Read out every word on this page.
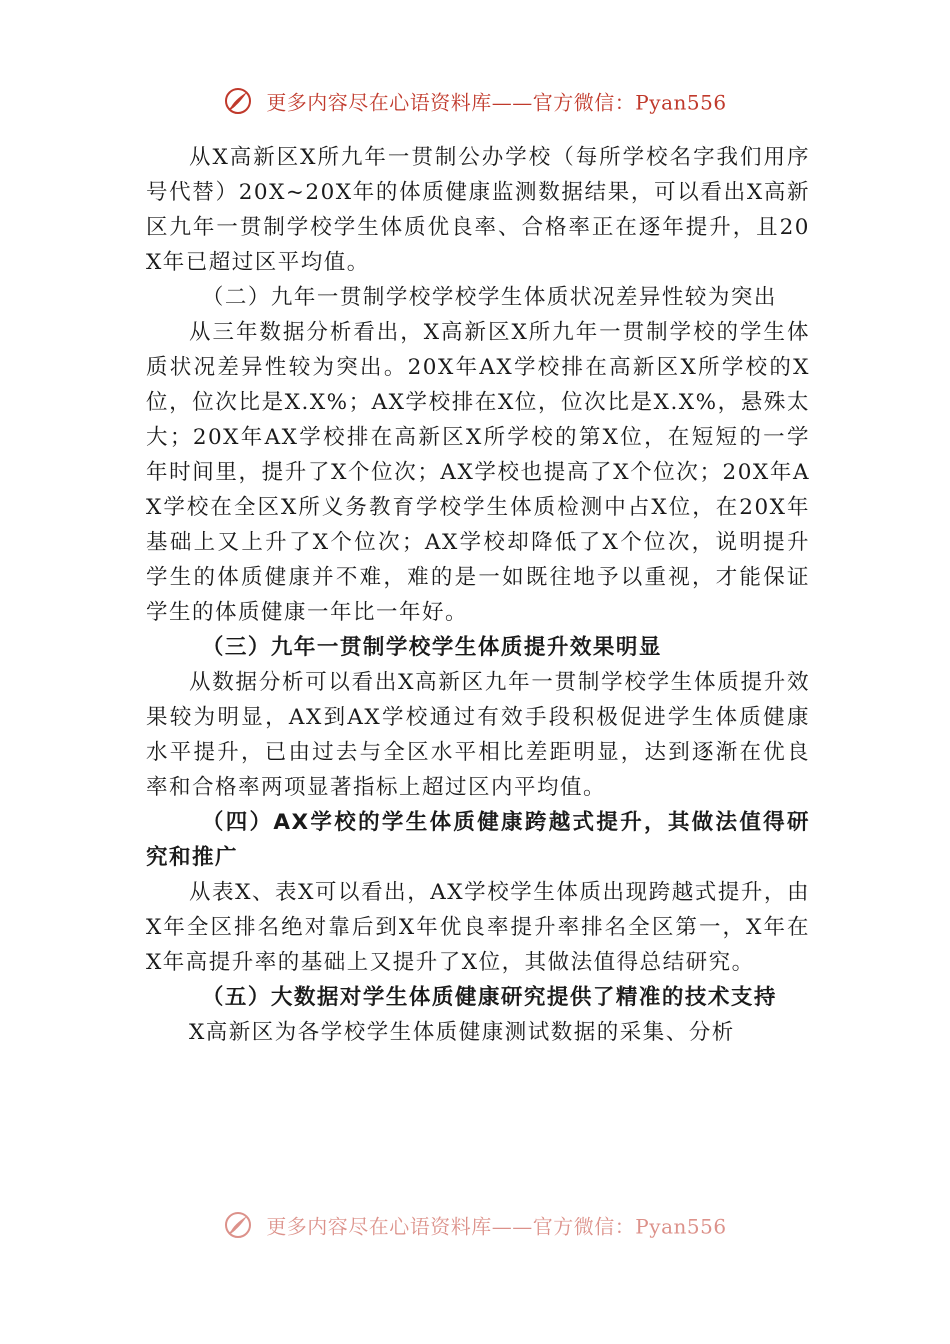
更多内容尽在心语资料库——官方微信：Pyan556

从X高新区X所九年一贯制公办学校（每所学校名字我们用序号代替）20X~20X年的体质健康监测数据结果，可以看出X高新区九年一贯制学校学生体质优良率、合格率正在逐年提升，且20X年已超过区平均值。

（二）九年一贯制学校学校学生体质状况差异性较为突出

从三年数据分析看出，X高新区X所九年一贯制学校的学生体质状况差异性较为突出。20X年AX学校排在高新区X所学校的X位，位次比是X.X%；AX学校排在X位，位次比是X.X%，悬殊太大；20X年AX学校排在高新区X所学校的第X位，在短短的一学年时间里，提升了X个位次；AX学校也提高了X个位次；20X年AX学校在全区X所义务教育学校学生体质检测中占X位，在20X年基础上又上升了X个位次；AX学校却降低了X个位次，说明提升学生的体质健康并不难，难的是一如既往地予以重视，才能保证学生的体质健康一年比一年好。

（三）九年一贯制学校学生体质提升效果明显

从数据分析可以看出X高新区九年一贯制学校学生体质提升效果较为明显，AX到AX学校通过有效手段积极促进学生体质健康水平提升，已由过去与全区水平相比差距明显，达到逐渐在优良率和合格率两项显著指标上超过区内平均值。

（四）AX学校的学生体质健康跨越式提升，其做法值得研究和推广

从表X、表X可以看出，AX学校学生体质出现跨越式提升，由X年全区排名绝对靠后到X年优良率提升率排名全区第一，X年在X年高提升率的基础上又提升了X位，其做法值得总结研究。

（五）大数据对学生体质健康研究提供了精准的技术支持

X高新区为各学校学生体质健康测试数据的采集、分析

更多内容尽在心语资料库——官方微信：Pyan556
